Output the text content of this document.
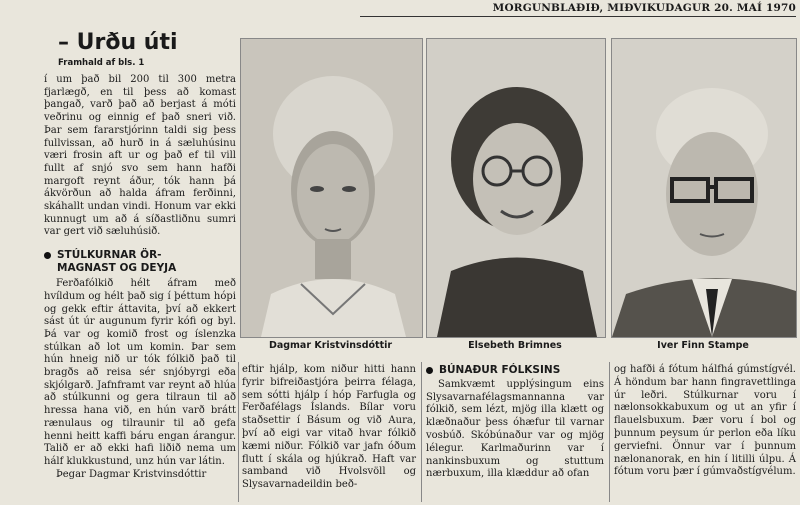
MORGUNBLAÐIÐ, MIÐVIKUDAGUR 20. MAÍ 1970
– Urðu úti
Framhald af bls. 1

í um það bil 200 til 300 metra fjarlægð, en til þess að komast þangað, varð það að berjast á móti veðrinu og einnig ef það sneri við. Þar sem fararstjórinn taldi sig þess fullvissan, að hurð in á sæluhúsinu væri frosin aft ur og það ef til vill fullt af snjó svo sem hann hafði margoft reynt áður, tók hann þá ákvörðun að halda áfram ferðinni, skáhallt undan vindi. Honum var ekki kunnugt um að á síðastliðnu sumri var gert við sæluhúsið.

STÚLKURNAR ÖR-
MAGNAST OG DEYJA

Ferðafólkið hélt áfram með hvíldum og hélt það sig í þéttum hópi og gekk eftir áttavita, því að ekkert sást út úr augunum fyrir kófi og byl. Þá var og komið frost og íslenzka stúlkan að lot um komin. Þar sem hún hneig nið ur tók fólkið það til bragðs að reisa sér snjóbyrgi eða skjólgarð. Jafnframt var reynt að hlúa að stúlkunni og gera tilraun til að hressa hana við, en hún varð brátt rænulaus og tilraunir til að gefa henni heitt kaffi báru engan árangur. Talið er að ekki hafi liðið nema um hálf klukkustund, unz hún var látin.

Þegar Dagmar Kristvinsdóttir

Dagmar Kristvinsdóttir	Elsebeth Brimnes	Iver Finn Stampe

eftir hjálp, kom niður hitti hann fyrir bifreiðastjóra þeirra félaga, sem sótti hjálp í hóp Farfugla og Ferðafélags Íslands. Bílar voru staðsettir í Básum og við Aura, því að eigi var vitað hvar fólkið kæmi niður. Fólkið var jafn óðum flutt í skála og hjúkrað. Haft var samband við Hvolsvöll og Slysavarnadeildin beð-

BÚNAÐUR FÓLKSINS

Samkvæmt upplýsingum eins Slysavarnafélagsmannanna var fólkið, sem lézt, mjög illa klætt og klæðnaður þess óhæfur til varnar vosbúð. Skóbúnaður var og mjög lélegur. Karlmaðurinn var í nankinsbuxum og stuttum nærbuxum, illa klæddur að ofan

og hafði á fótum hálfhá gúmstígvél. Á höndum bar hann fingravettlinga úr leðri. Stúlkurnar voru í nælonsokkabuxum og ut an yfir í flauelsbuxum. Þær voru í bol og þunnum peysum úr perlon eða líku gerviefni. Önnur var í þunnum nælonanorak, en hin í litilli úlpu. Á fótum voru þær í gúmvaðstígvélum.
